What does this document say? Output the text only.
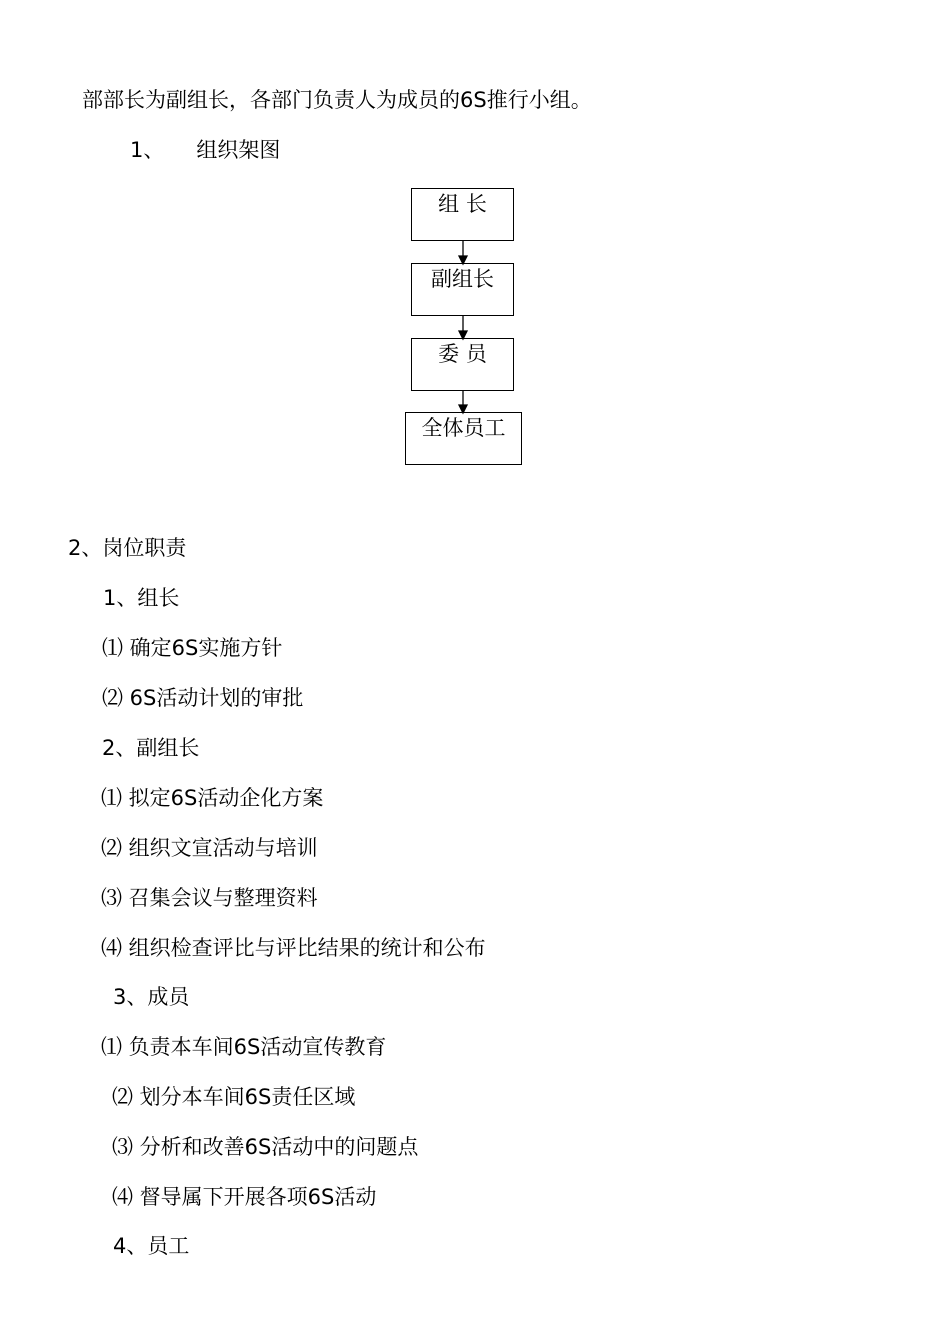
部部长为副组长，各部门负责人为成员的6S推行小组。
1、 组织架图
组 长
副组长
委 员
全体员工
2、岗位职责
1、组长
⑴ 确定6S实施方针
⑵ 6S活动计划的审批
2、副组长
⑴ 拟定6S活动企化方案
⑵ 组织文宣活动与培训
⑶ 召集会议与整理资料
⑷ 组织检查评比与评比结果的统计和公布
3、成员
⑴ 负责本车间6S活动宣传教育
⑵ 划分本车间6S责任区域
⑶ 分析和改善6S活动中的问题点
⑷ 督导属下开展各项6S活动
4、员工
